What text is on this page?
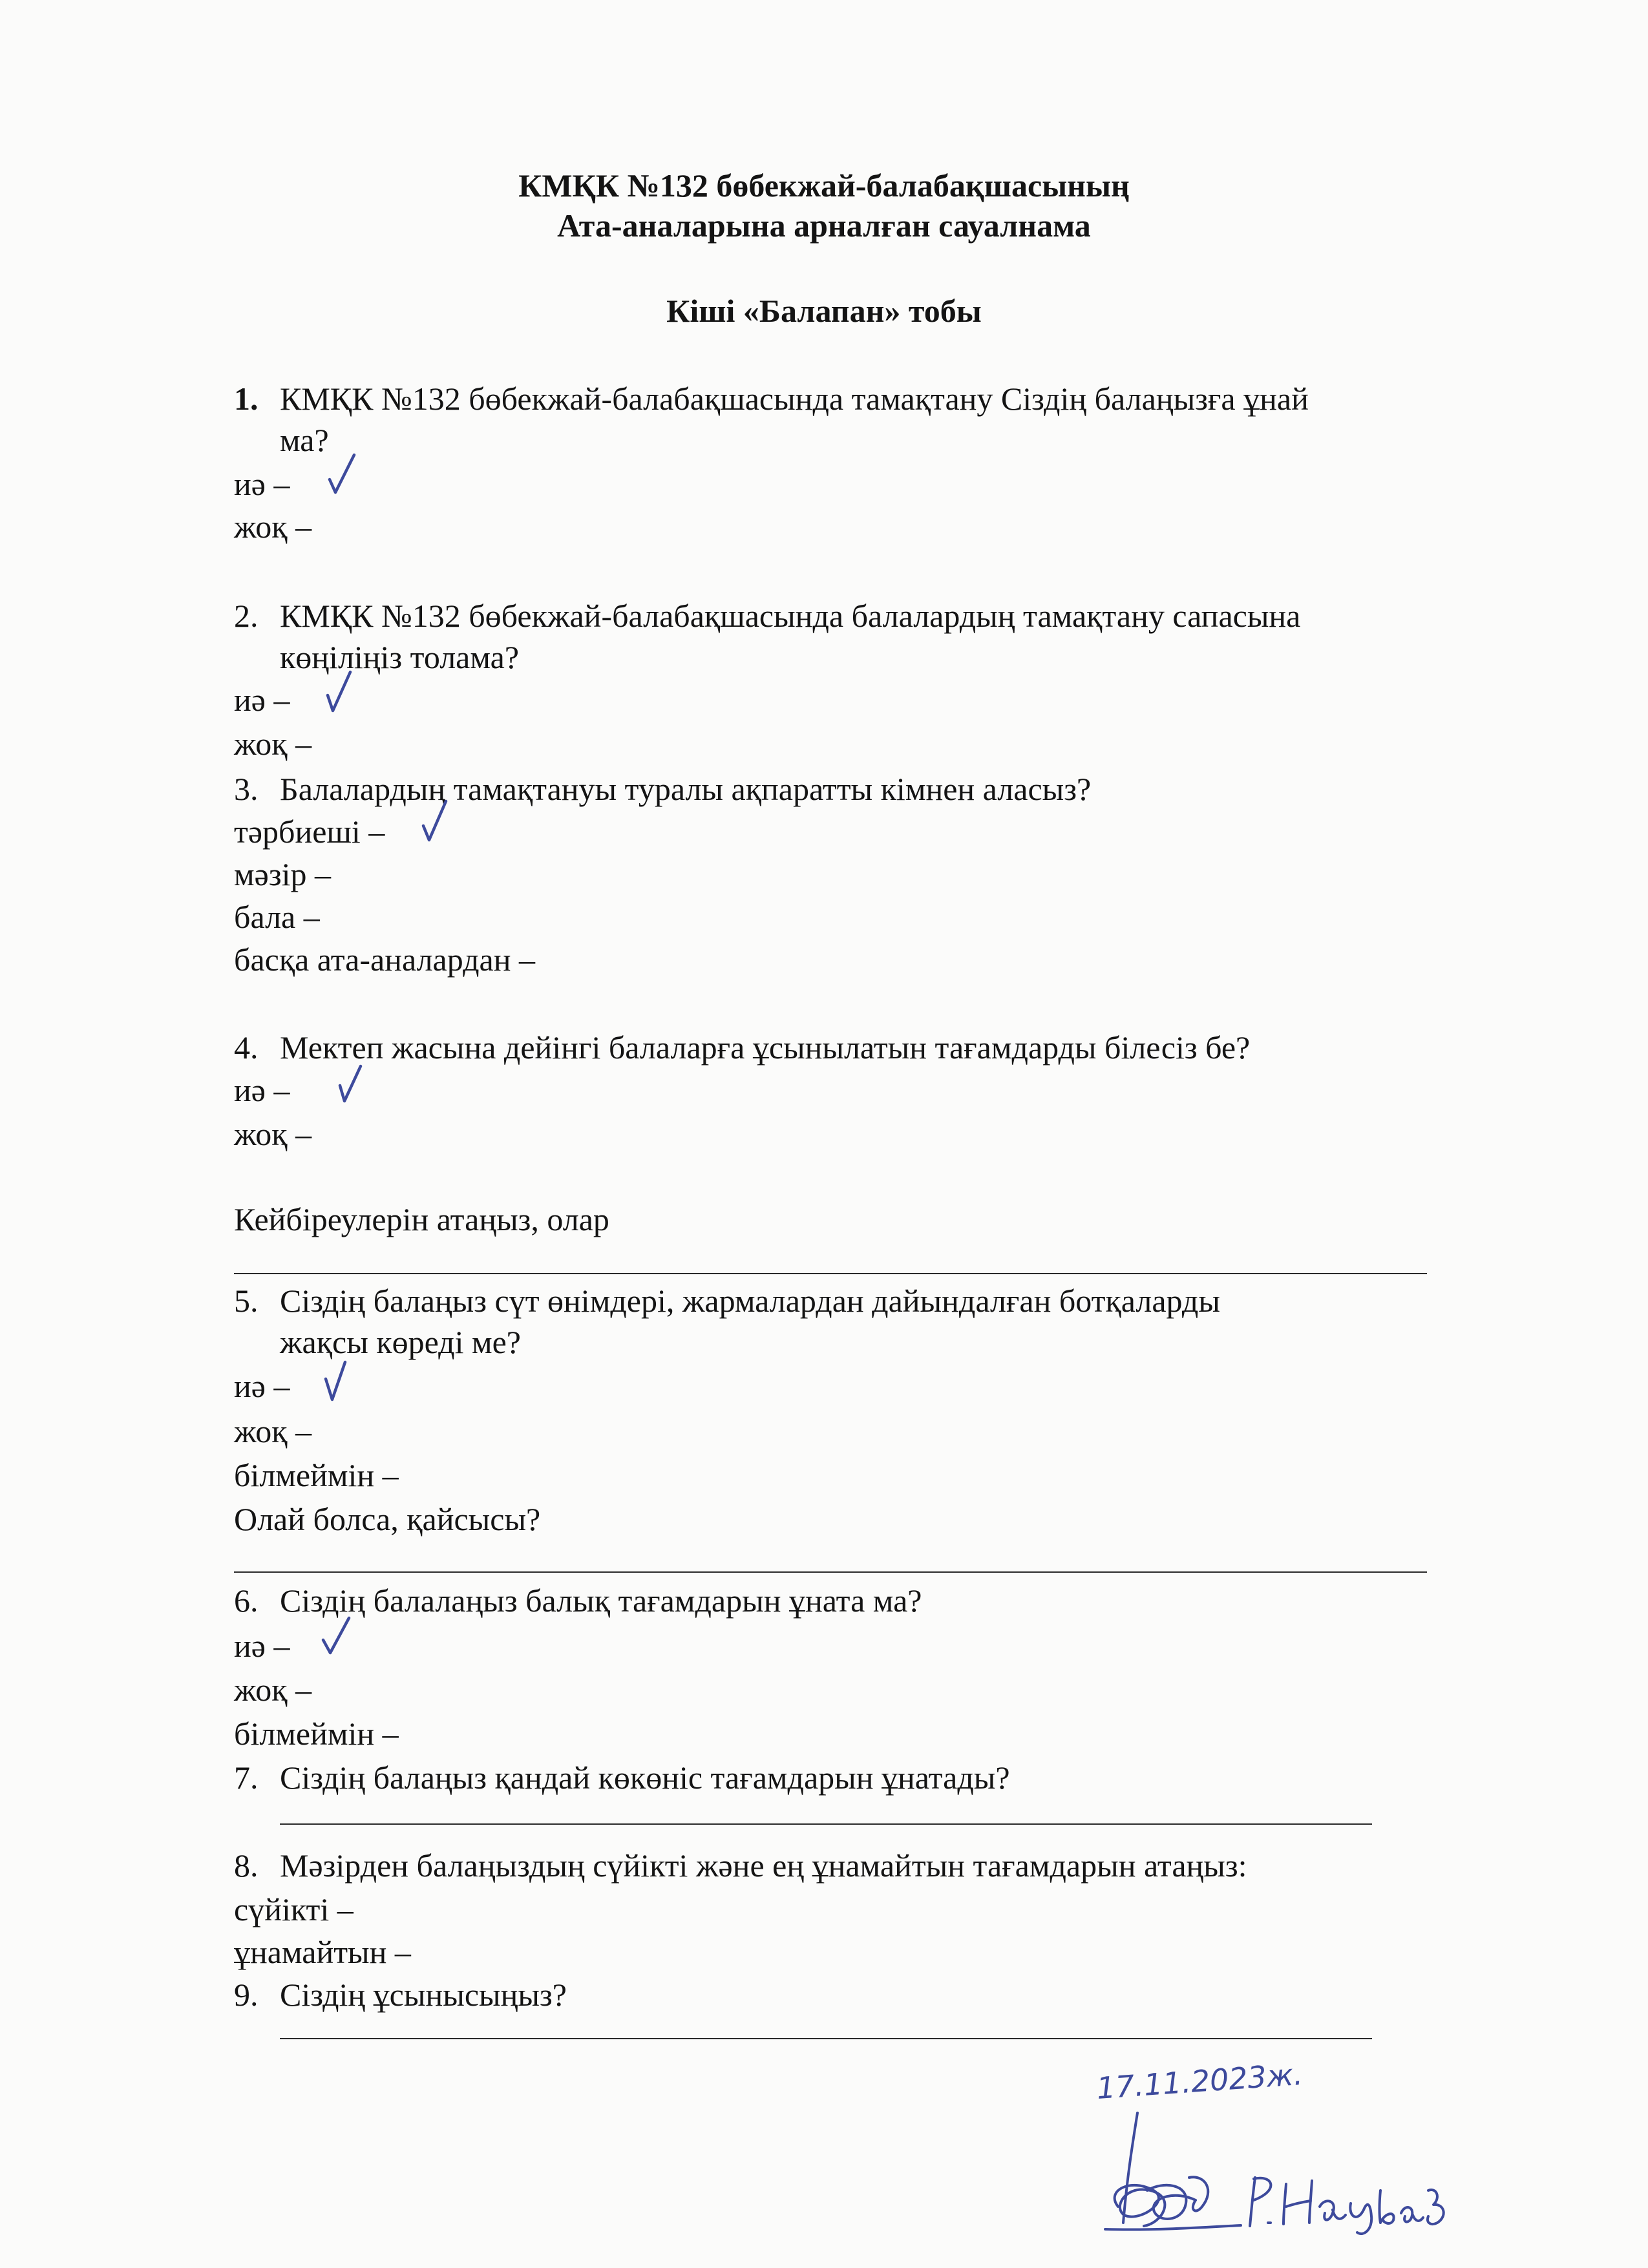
КМҚК №132 бөбекжай-балабақшасының
Ата-аналарына арналған сауалнама
Кіші «Балапан» тобы
1. КМҚК №132 бөбекжай-балабақшасында тамақтану Сіздің балаңызға ұнай
ма?
иә –
жоқ –
2. КМҚК №132 бөбекжай-балабақшасында балалардың тамақтану сапасына
көңіліңіз толама?
иә –
жоқ –
3. Балалардың тамақтануы туралы ақпаратты кімнен аласыз?
тәрбиеші –
мәзір –
бала –
басқа ата-аналардан –
4. Мектеп жасына дейінгі балаларға ұсынылатын тағамдарды білесіз бе?
иә –
жоқ –
Кейбіреулерін атаңыз, олар
5. Сіздің балаңыз сүт өнімдері, жармалардан дайындалған ботқаларды
жақсы көреді ме?
иә –
жоқ –
білмеймін –
Олай болса, қайсысы?
6. Сіздің балалаңыз балық тағамдарын ұната ма?
иә –
жоқ –
білмеймін –
7. Сіздің балаңыз қандай көкөніс тағамдарын ұнатады?
8. Мәзірден балаңыздың сүйікті және ең ұнамайтын тағамдарын атаңыз:
сүйікті –
ұнамайтын –
9. Сіздің ұсынысыңыз?
17.11.2023ж.
